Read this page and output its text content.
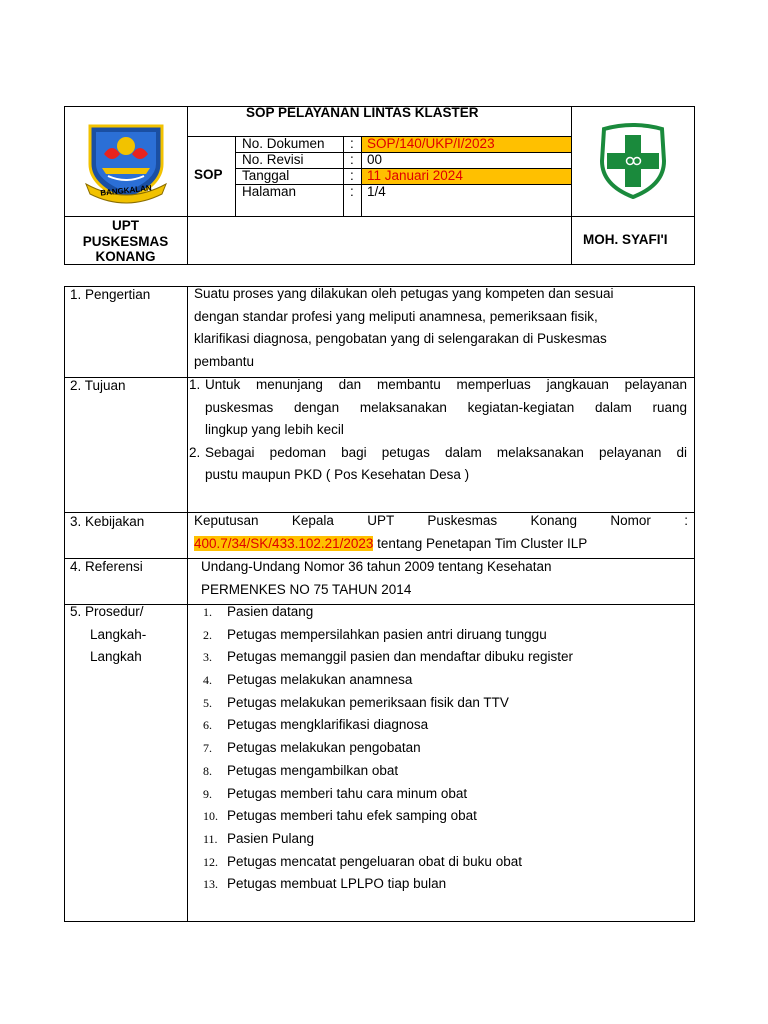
BANGKALAN
SOP PELAYANAN LINTAS KLASTER
SOP
No. Dokumen : SOP/140/UKP/I/2023
No. Revisi	: 00
Tanggal	: 11 Januari 2024
Halaman	: 1/4
UPT
PUSKESMAS
KONANG
MOH. SYAFI'I
1. Pengertian	Suatu proses yang dilakukan oleh petugas yang kompeten dan sesuai
dengan standar profesi yang meliputi anamnesa, pemeriksaan fisik,
klarifikasi diagnosa, pengobatan yang di selengarakan di Puskesmas
pembantu
2. Tujuan	1. Untuk menunjang dan membantu memperluas jangkauan pelayanan
puskesmas dengan melaksanakan kegiatan-kegiatan dalam ruang
lingkup yang lebih kecil
2. Sebagai pedoman bagi petugas dalam melaksanakan pelayanan di
pustu maupun PKD ( Pos Kesehatan Desa )
3. Kebijakan	Keputusan Kepala UPT Puskesmas Konang Nomor :
400.7/34/SK/433.102.21/2023 tentang Penetapan Tim Cluster ILP
4. Referensi	Undang-Undang Nomor 36 tahun 2009 tentang Kesehatan
PERMENKES NO 75 TAHUN 2014
5. Prosedur/
Langkah-
Langkah
1.	Pasien datang
2.	Petugas mempersilahkan pasien antri diruang tunggu
3.	Petugas memanggil pasien dan mendaftar dibuku register
4.	Petugas melakukan anamnesa
5.	Petugas melakukan pemeriksaan fisik dan TTV
6.	Petugas mengklarifikasi diagnosa
7.	Petugas melakukan pengobatan
8.	Petugas mengambilkan obat
9.	Petugas memberi tahu cara minum obat
10. Petugas memberi tahu efek samping obat
11. Pasien Pulang
12. Petugas mencatat pengeluaran obat di buku obat
13. Petugas membuat LPLPO tiap bulan
